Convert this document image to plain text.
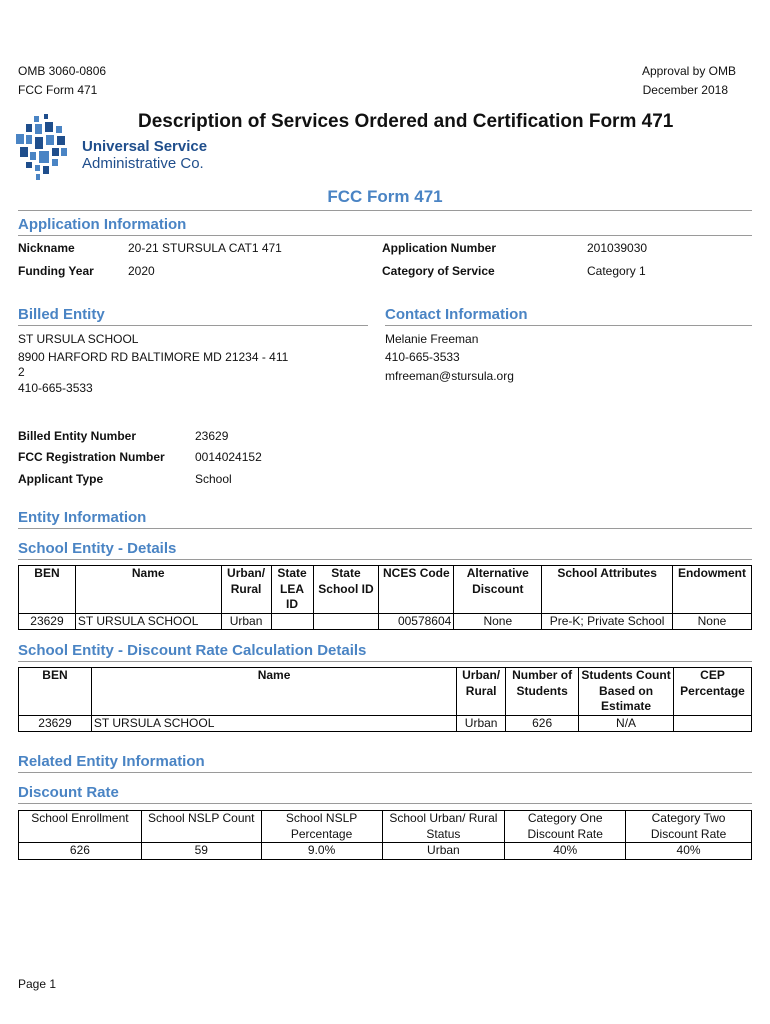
OMB 3060-0806
FCC Form 471
Approval by OMB
December 2018
Description of Services Ordered and Certification Form 471
Universal Service
Administrative Co.
FCC Form 471
Application Information
Nickname	20-21 STURSULA CAT1 471	Application Number	201039030
Funding Year	2020	Category of Service	Category 1
Billed Entity
ST URSULA SCHOOL
8900 HARFORD RD BALTIMORE MD 21234 - 411
2
410-665-3533
Contact Information
Melanie Freeman
410-665-3533
mfreeman@stursula.org
Billed Entity Number	23629
FCC Registration Number	0014024152
Applicant Type	School
Entity Information
School Entity - Details
BEN	Name	Urban/ Rural	State LEA ID	State School ID	NCES Code	Alternative Discount	School Attributes	Endowment
23629	ST URSULA SCHOOL	Urban			00578604	None	Pre-K; Private School	None
School Entity - Discount Rate Calculation Details
BEN	Name	Urban/ Rural	Number of Students	Students Count Based on Estimate	CEP Percentage
23629	ST URSULA SCHOOL	Urban	626	N/A	
Related Entity Information
Discount Rate
School Enrollment	School NSLP Count	School NSLP Percentage	School Urban/ Rural Status	Category One Discount Rate	Category Two Discount Rate
626	59	9.0%	Urban	40%	40%
Page 1
